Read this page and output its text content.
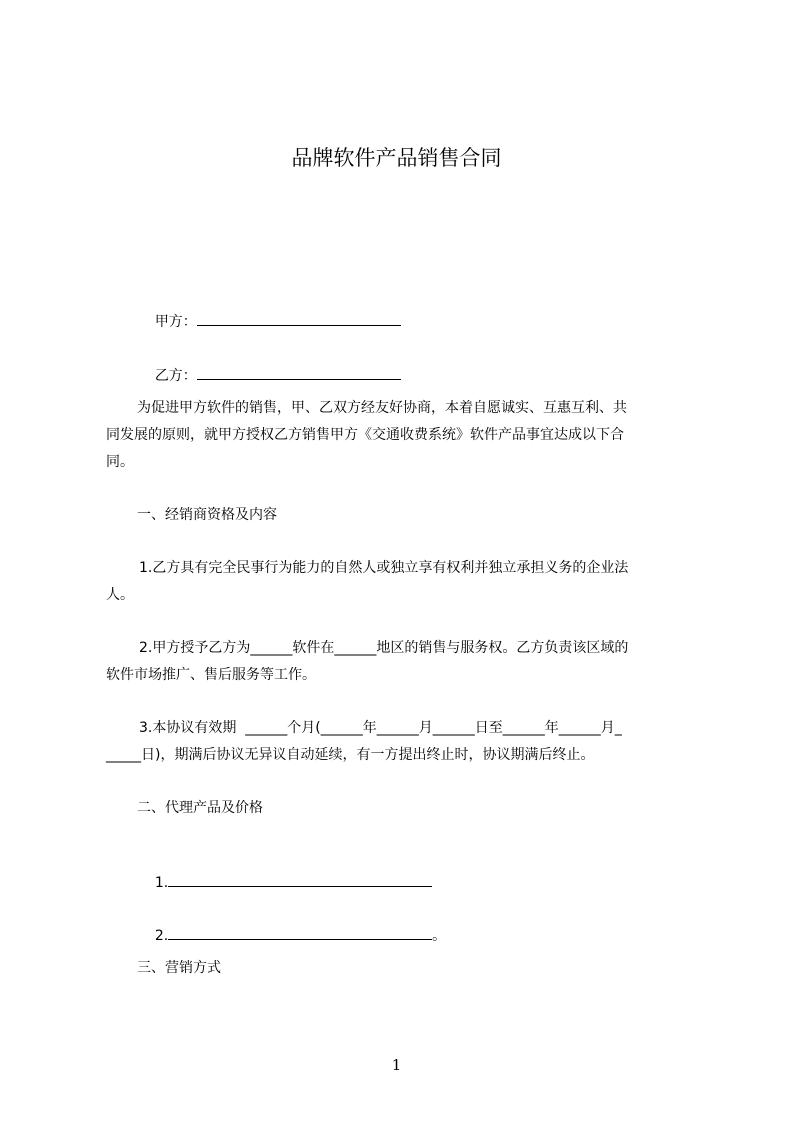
品牌软件产品销售合同

甲方：

乙方：

为促进甲方软件的销售，甲、乙双方经友好协商，本着自愿诚实、互惠互利、共

同发展的原则，就甲方授权乙方销售甲方《交通收费系统》软件产品事宜达成以下合

同。

一、经销商资格及内容

1.乙方具有完全民事行为能力的自然人或独立享有权利并独立承担义务的企业法

人。

2.甲方授予乙方为______软件在______地区的销售与服务权。乙方负责该区域的

软件市场推广、售后服务等工作。

3.本协议有效期  ______个月(______年______月______日至______年______月_

_____日)，期满后协议无异议自动延续，有一方提出终止时，协议期满后终止。

二、代理产品及价格

1.

2.	。

三、营销方式

1
